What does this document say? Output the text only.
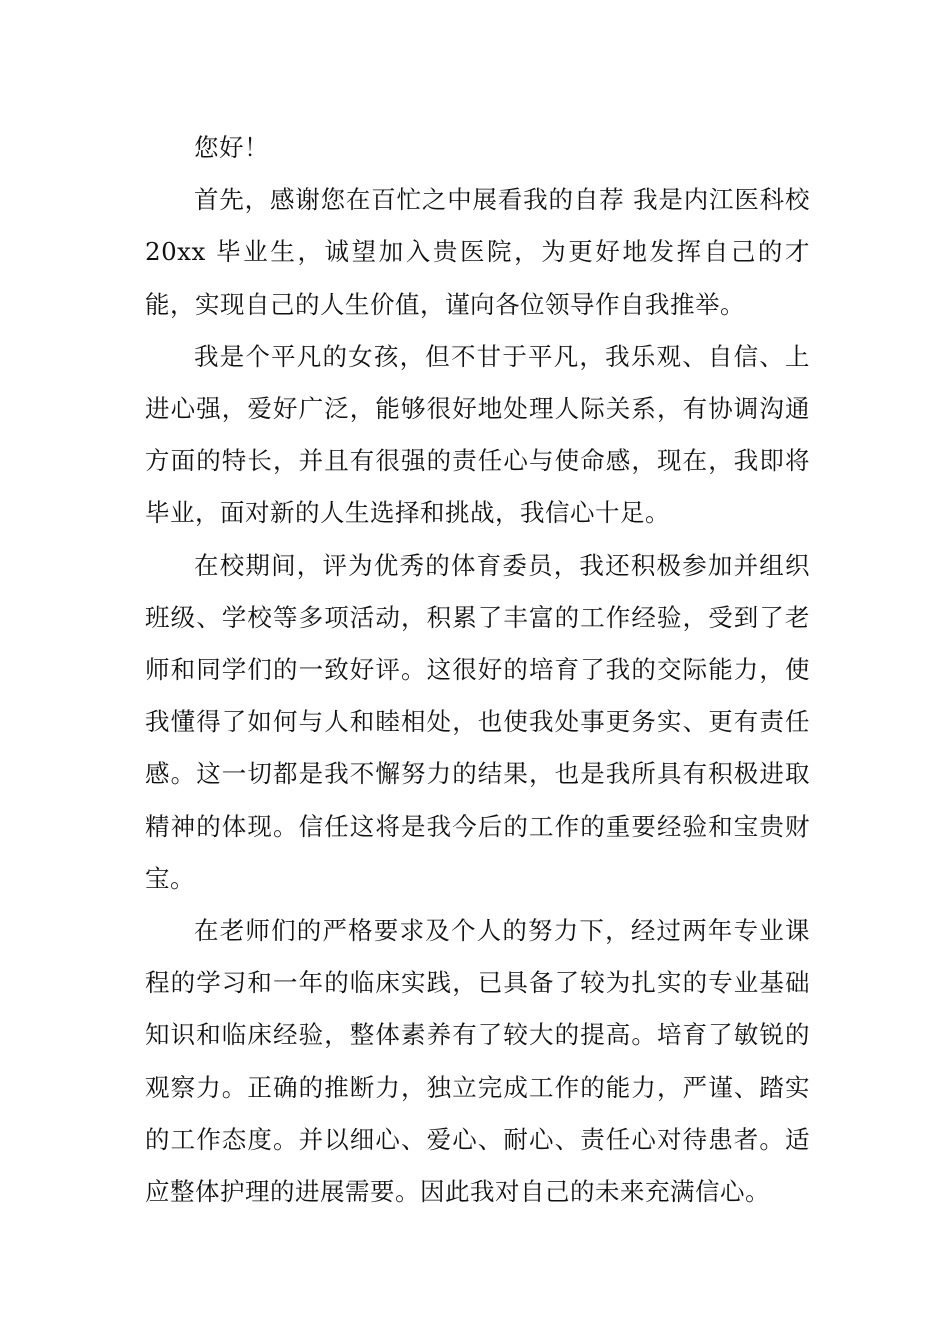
您好！

首先，感谢您在百忙之中展看我的自荐 我是内江医科校 20xx 毕业生，诚望加入贵医院，为更好地发挥自己的才能，实现自己的人生价值，谨向各位领导作自我推举。

我是个平凡的女孩，但不甘于平凡，我乐观、自信、上进心强，爱好广泛，能够很好地处理人际关系，有协调沟通方面的特长，并且有很强的责任心与使命感，现在，我即将毕业，面对新的人生选择和挑战，我信心十足。

在校期间，评为优秀的体育委员，我还积极参加并组织班级、学校等多项活动，积累了丰富的工作经验，受到了老师和同学们的一致好评。这很好的培育了我的交际能力，使我懂得了如何与人和睦相处，也使我处事更务实、更有责任感。这一切都是我不懈努力的结果，也是我所具有积极进取精神的体现。信任这将是我今后的工作的重要经验和宝贵财宝。

在老师们的严格要求及个人的努力下，经过两年专业课程的学习和一年的临床实践，已具备了较为扎实的专业基础知识和临床经验，整体素养有了较大的提高。培育了敏锐的观察力。正确的推断力，独立完成工作的能力，严谨、踏实的工作态度。并以细心、爱心、耐心、责任心对待患者。适应整体护理的进展需要。因此我对自己的未来充满信心。
